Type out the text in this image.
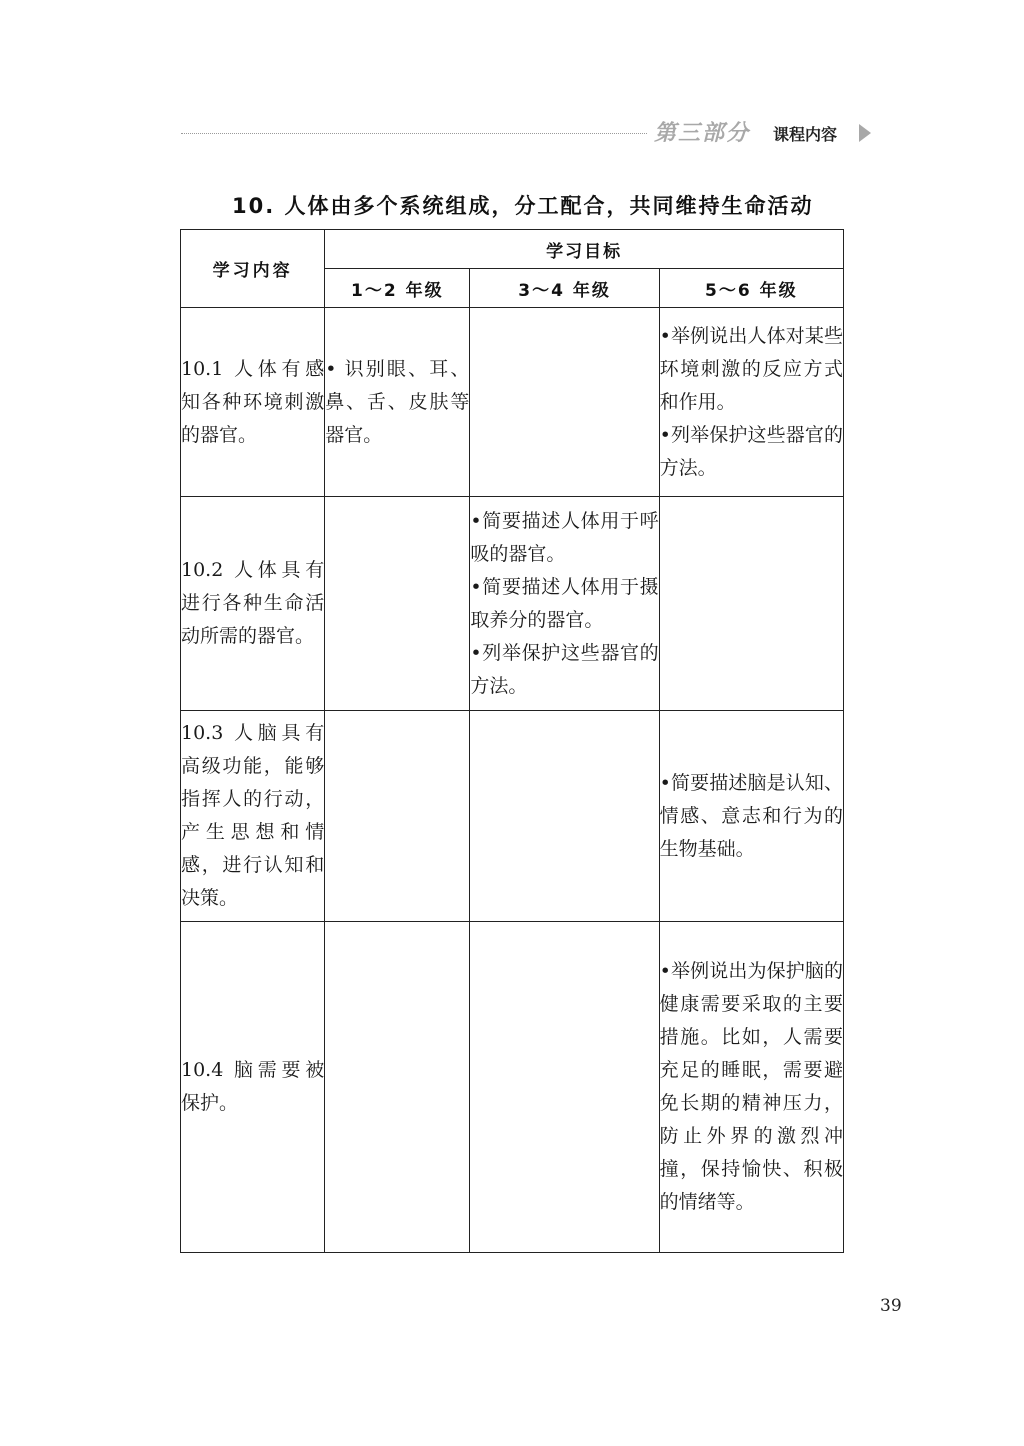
第三部分 课程内容
10. 人体由多个系统组成，分工配合，共同维持生命活动
学习内容	学习目标		
	1～2 年级	3～4 年级	5～6 年级
10.1 人体有感知各种环境刺激的器官。	• 识别眼、耳、鼻、舌、皮肤等器官。		•举例说出人体对某些环境刺激的反应方式和作用。
•列举保护这些器官的方法。

10.2 人体具有进行各种生命活动所需的器官。		•简要描述人体用于呼吸的器官。
•简要描述人体用于摄取养分的器官。
•列举保护这些器官的方法。	

10.3 人脑具有高级功能，能够指挥人的行动，产生思想和情感，进行认知和决策。			•简要描述脑是认知、情感、意志和行为的生物基础。

10.4 脑需要被保护。			•举例说出为保护脑的健康需要采取的主要措施。比如，人需要充足的睡眠，需要避免长期的精神压力，防止外界的激烈冲撞，保持愉快、积极的情绪等。
39
